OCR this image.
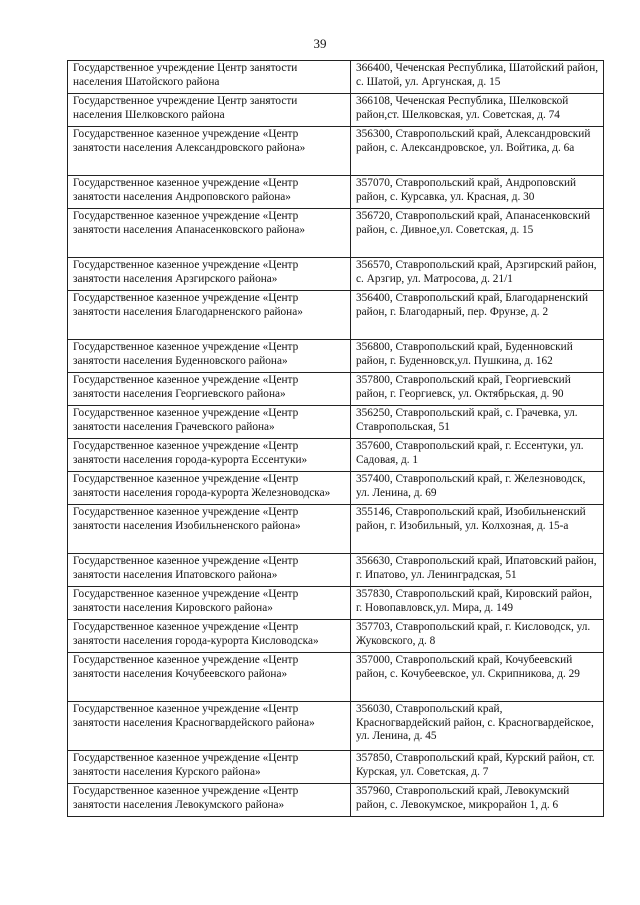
39
Государственное учреждение Центр занятости населения Шатойского района	366400, Чеченская Республика, Шатойский район, с. Шатой, ул. Аргунская, д. 15
Государственное учреждение Центр занятости населения Шелковского района	366108, Чеченская Республика, Шелковской район,ст. Шелковская, ул. Советская, д. 74
Государственное казенное учреждение «Центр занятости населения Александровского района»	356300, Ставропольский край, Александровский район, с. Александровское, ул. Войтика, д. 6а
Государственное казенное учреждение «Центр занятости населения Андроповского района»	357070, Ставропольский край, Андроповский район, с. Курсавка, ул. Красная, д. 30
Государственное казенное учреждение «Центр занятости населения Апанасенковского района»	356720, Ставропольский край, Апанасенковский район, с. Дивное,ул. Советская, д. 15
Государственное казенное учреждение «Центр занятости населения Арзгирского района»	356570, Ставропольский край, Арзгирский район, с. Арзгир, ул. Матросова, д. 21/1
Государственное казенное учреждение «Центр занятости населения Благодарненского района»	356400, Ставропольский край, Благодарненский район, г. Благодарный, пер. Фрунзе, д. 2
Государственное казенное учреждение «Центр занятости населения Буденновского района»	356800, Ставропольский край, Буденновский район, г. Буденновск,ул. Пушкина, д. 162
Государственное казенное учреждение «Центр занятости населения Георгиевского района»	357800, Ставропольский край, Георгиевский район, г. Георгиевск, ул. Октябрьская, д. 90
Государственное казенное учреждение «Центр занятости населения Грачевского района»	356250, Ставропольский край, с. Грачевка, ул. Ставропольская, 51
Государственное казенное учреждение «Центр занятости населения города-курорта Ессентуки»	357600, Ставропольский край, г. Ессентуки, ул. Садовая, д. 1
Государственное казенное учреждение «Центр занятости населения города-курорта Железноводска»	357400, Ставропольский край, г. Железноводск, ул. Ленина, д. 69
Государственное казенное учреждение «Центр занятости населения Изобильненского района»	355146, Ставропольский край, Изобильненский район, г. Изобильный, ул. Колхозная, д. 15-а
Государственное казенное учреждение «Центр занятости населения Ипатовского района»	356630, Ставропольский край, Ипатовский район, г. Ипатово, ул. Ленинградская, 51
Государственное казенное учреждение «Центр занятости населения Кировского района»	357830, Ставропольский край, Кировский район, г. Новопавловск,ул. Мира, д. 149
Государственное казенное учреждение «Центр занятости населения города-курорта Кисловодска»	357703, Ставропольский край, г. Кисловодск, ул. Жуковского, д. 8
Государственное казенное учреждение «Центр занятости населения Кочубеевского района»	357000, Ставропольский край, Кочубеевский район, с. Кочубеевское, ул. Скрипникова, д. 29
Государственное казенное учреждение «Центр занятости населения Красногвардейского района»	356030, Ставропольский край, Красногвардейский район, с. Красногвардейское, ул. Ленина, д. 45
Государственное казенное учреждение «Центр занятости населения Курского района»	357850, Ставропольский край, Курский район, ст. Курская, ул. Советская, д. 7
Государственное казенное учреждение «Центр занятости населения Левокумского района»	357960, Ставропольский край, Левокумский район, с. Левокумское, микрорайон 1, д. 6
